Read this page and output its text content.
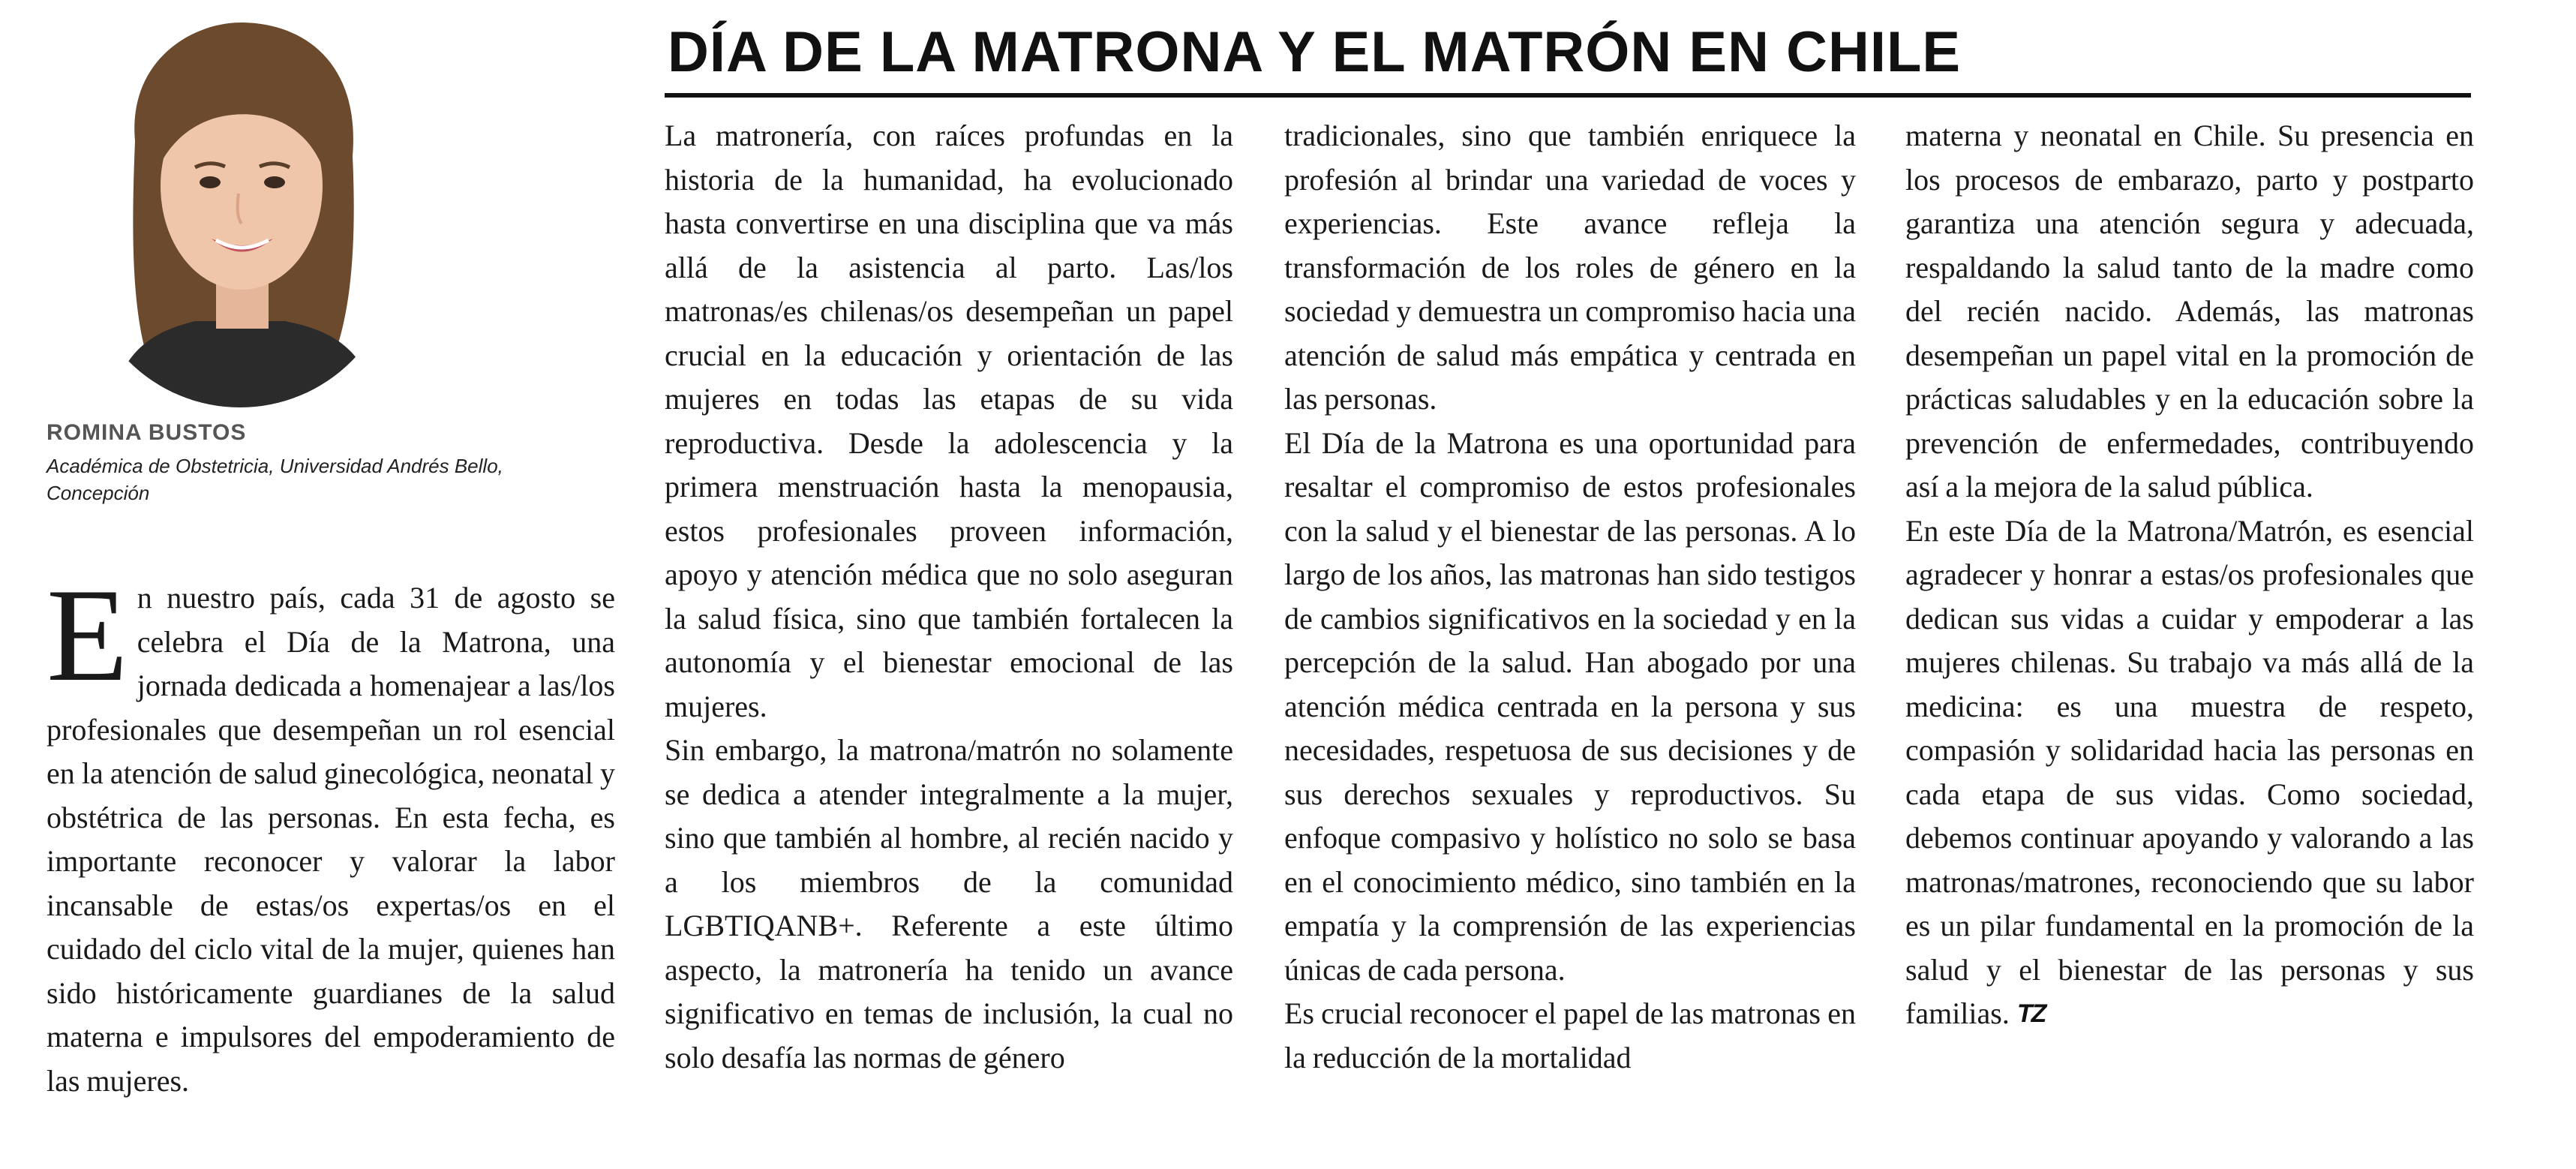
ROMINA BUSTOS
Académica de Obstetricia, Universidad Andrés Bello, Concepción
DÍA DE LA MATRONA Y EL MATRÓN EN CHILE

En nuestro país, cada 31 de agosto se celebra el Día de la Matrona, una jornada dedicada a homenajear a las/los profesionales que desempeñan un rol esencial en la atención de salud ginecológica, neonatal y obstétrica de las personas. En esta fecha, es importante reconocer y valorar la labor incansable de estas/os expertas/os en el cuidado del ciclo vital de la mujer, quienes han sido históricamente guardianes de la salud materna e impulsores del empoderamiento de las mujeres.

La matronería, con raíces profundas en la historia de la humanidad, ha evolucionado hasta convertirse en una disciplina que va más allá de la asistencia al parto. Las/los matronas/es chilenas/os desempeñan un papel crucial en la educación y orientación de las mujeres en todas las etapas de su vida reproductiva. Desde la adolescencia y la primera menstruación hasta la menopausia, estos profesionales proveen información, apoyo y atención médica que no solo aseguran la salud física, sino que también fortalecen la autonomía y el bienestar emocional de las mujeres.

Sin embargo, la matrona/matrón no solamente se dedica a atender integralmente a la mujer, sino que también al hombre, al recién nacido y a los miembros de la comunidad LGBTIQANB+. Referente a este último aspecto, la matronería ha tenido un avance significativo en temas de inclusión, la cual no solo desafía las normas de género

tradicionales, sino que también enriquece la profesión al brindar una variedad de voces y experiencias. Este avance refleja la transformación de los roles de género en la sociedad y demuestra un compromiso hacia una atención de salud más empática y centrada en las personas.

El Día de la Matrona es una oportunidad para resaltar el compromiso de estos profesionales con la salud y el bienestar de las personas. A lo largo de los años, las matronas han sido testigos de cambios significativos en la sociedad y en la percepción de la salud. Han abogado por una atención médica centrada en la persona y sus necesidades, respetuosa de sus decisiones y de sus derechos sexuales y reproductivos. Su enfoque compasivo y holístico no solo se basa en el conocimiento médico, sino también en la empatía y la comprensión de las experiencias únicas de cada persona.

Es crucial reconocer el papel de las matronas en la reducción de la mortalidad

materna y neonatal en Chile. Su presencia en los procesos de embarazo, parto y postparto garantiza una atención segura y adecuada, respaldando la salud tanto de la madre como del recién nacido. Además, las matronas desempeñan un papel vital en la promoción de prácticas saludables y en la educación sobre la prevención de enfermedades, contribuyendo así a la mejora de la salud pública.

En este Día de la Matrona/Matrón, es esencial agradecer y honrar a estas/os profesionales que dedican sus vidas a cuidar y empoderar a las mujeres chilenas. Su trabajo va más allá de la medicina: es una muestra de respeto, compasión y solidaridad hacia las personas en cada etapa de sus vidas. Como sociedad, debemos continuar apoyando y valorando a las matronas/matrones, reconociendo que su labor es un pilar fundamental en la promoción de la salud y el bienestar de las personas y sus familias. TZ
